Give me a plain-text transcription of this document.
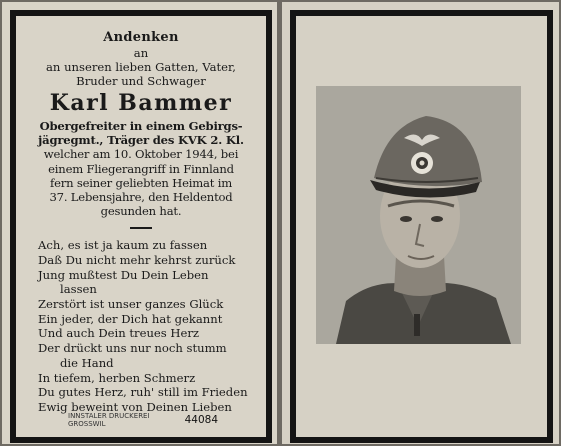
Andenken
an
an unseren lieben Gatten, Vater,
Bruder und Schwager
Karl Bammer
Obergefreiter in einem Gebirgs-
jägregmt., Träger des KVK 2. Kl.
welcher am 10. Oktober 1944, bei
einem Fliegerangriff in Finnland
fern seiner geliebten Heimat im
37. Lebensjahre, den Heldentod
gesunden hat.
Ach, es ist ja kaum zu fassen
Daß Du nicht mehr kehrst zurück
Jung mußtest Du Dein Leben
lassen
Zerstört ist unser ganzes Glück
Ein jeder, der Dich hat gekannt
Und auch Dein treues Herz
Der drückt uns nur noch stumm
die Hand
In tiefem, herben Schmerz
Du gutes Herz, ruh' still im Frieden
Ewig beweint von Deinen Lieben
INNSTALER DRUCKEREI GROSSWIL	44084
